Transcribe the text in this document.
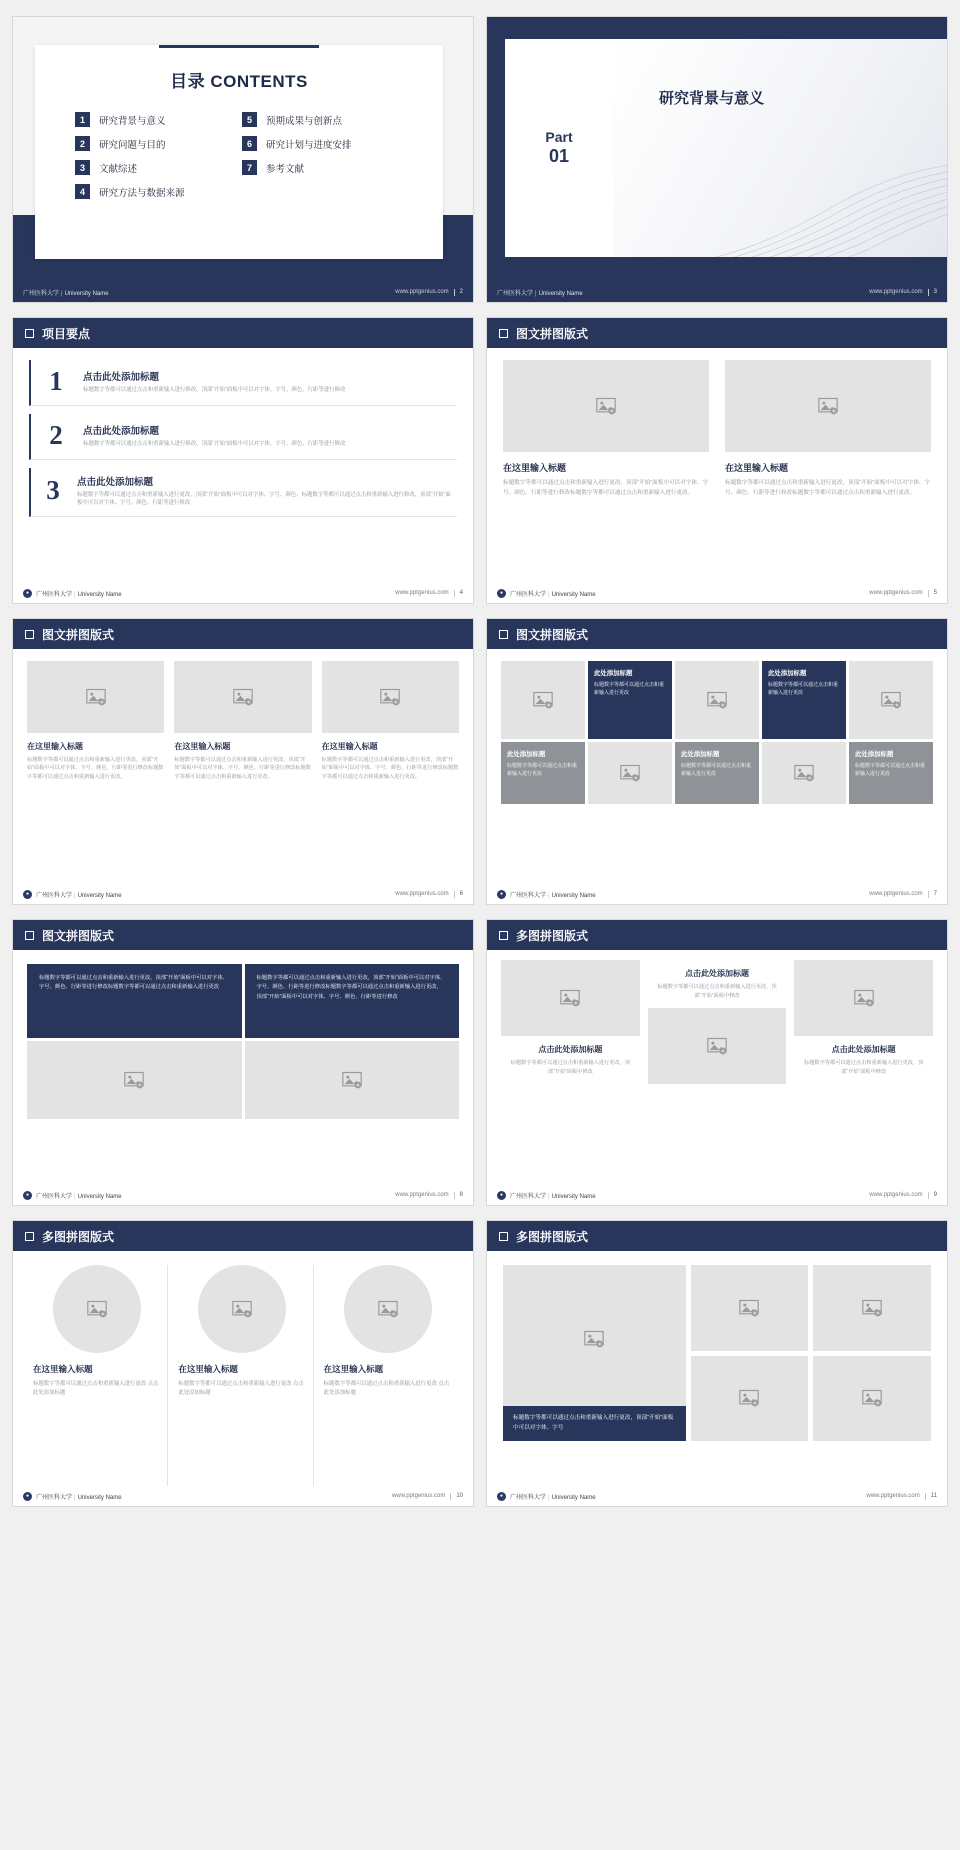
目录 CONTENTS
1	研究背景与意义	5	预期成果与创新点
2	研究问题与目的	6	研究计划与进度安排
3	文献综述	7	参考文献
4	研究方法与数据来源
广州医科大学 | University Name	www.pptgenius.com 2
Part
01
研究背景与意义
广州医科大学 | University Name	www.pptgenius.com 3
项目要点
1	点击此处添加标题

标题数字等都可以通过点击和重新输入进行修改，顶部“开始”面板中可以对字体、字号、颜色、行距等进行修改

2	点击此处添加标题

标题数字等都可以通过点击和重新输入进行修改，顶部“开始”面板中可以对字体、字号、颜色、行距等进行修改

3	点击此处添加标题

标题数字等都可以通过点击和重新输入进行更改，顶部“开始”面板中可以对字体、字号、颜色、标题数字等都可以通过点击和重新输入进行修改，顶部“开始”面板中可以对字体、字号、颜色、行距等进行修改

●	广州医科大学 | University Name	www.pptgenius.com 4
图文拼图版式
在这里输入标题

标题数字等都可以通过点击和重新输入进行更改，顶部“开始”面板中可以对字体、字号、颜色、行距等进行修改标题数字等都可以通过点击和重新输入进行更改。

在这里输入标题

标题数字等都可以通过点击和重新输入进行更改，顶部“开始”面板中可以对字体、字号、颜色、行距等进行修改标题数字等都可以通过点击和重新输入进行更改。

●	广州医科大学 | University Name	www.pptgenius.com 5
图文拼图版式
在这里输入标题

标题数字等都可以通过点击和重新输入进行更改，顶部“开始”面板中可以对字体、字号、颜色、行距等进行修改标题数字等都可以通过点击和重新输入进行更改。

在这里输入标题

标题数字等都可以通过点击和重新输入进行更改，顶部“开始”面板中可以对字体、字号、颜色、行距等进行修改标题数字等都可以通过点击和重新输入进行更改。

在这里输入标题

标题数字等都可以通过点击和重新输入进行更改，顶部“开始”面板中可以对字体、字号、颜色、行距等进行修改标题数字等都可以通过点击和重新输入进行更改。

●	广州医科大学 | University Name	www.pptgenius.com 6
图文拼图版式
此处添加标题

标题数字等都可以通过点击和重新输入进行更改

此处添加标题

标题数字等都可以通过点击和重新输入进行更改

此处添加标题

标题数字等都可以通过点击和重新输入进行更改

此处添加标题

标题数字等都可以通过点击和重新输入进行更改

此处添加标题

标题数字等都可以通过点击和重新输入进行更改

●	广州医科大学 | University Name	www.pptgenius.com 7
图文拼图版式

标题数字等都可以通过点击和重新输入进行更改，顶部“开始”面板中可以对字体、字号、颜色、行距等进行修改标题数字等都可以通过点击和重新输入进行更改

标题数字等都可以通过点击和重新输入进行更改，顶部“开始”面板中可以对字体、字号、颜色、行距等进行修改标题数字等都可以通过点击和重新输入进行更改，顶部“开始”面板中可以对字体、字号、颜色、行距等进行修改

●	广州医科大学 | University Name	www.pptgenius.com 8
多图拼图版式
点击此处添加标题

标题数字等都可以通过点击和重新输入进行更改，顶部“开始”面板中修改

点击此处添加标题

标题数字等都可以通过点击和重新输入进行更改，顶部“开始”面板中修改

点击此处添加标题

标题数字等都可以通过点击和重新输入进行更改，顶部“开始”面板中修改

●	广州医科大学 | University Name	www.pptgenius.com 9
多图拼图版式
在这里输入标题

标题数字等都可以通过点击和重新输入进行更改 点击此处添加标题

在这里输入标题

标题数字等都可以通过点击和重新输入进行更改 点击此处添加标题

在这里输入标题

标题数字等都可以通过点击和重新输入进行更改 点击此处添加标题

●	广州医科大学 | University Name	www.pptgenius.com 10
多图拼图版式
标题数字等都可以通过点击和重新输入进行更改，顶部“开始”面板中可以对字体、字号
●	广州医科大学 | University Name	www.pptgenius.com 11
